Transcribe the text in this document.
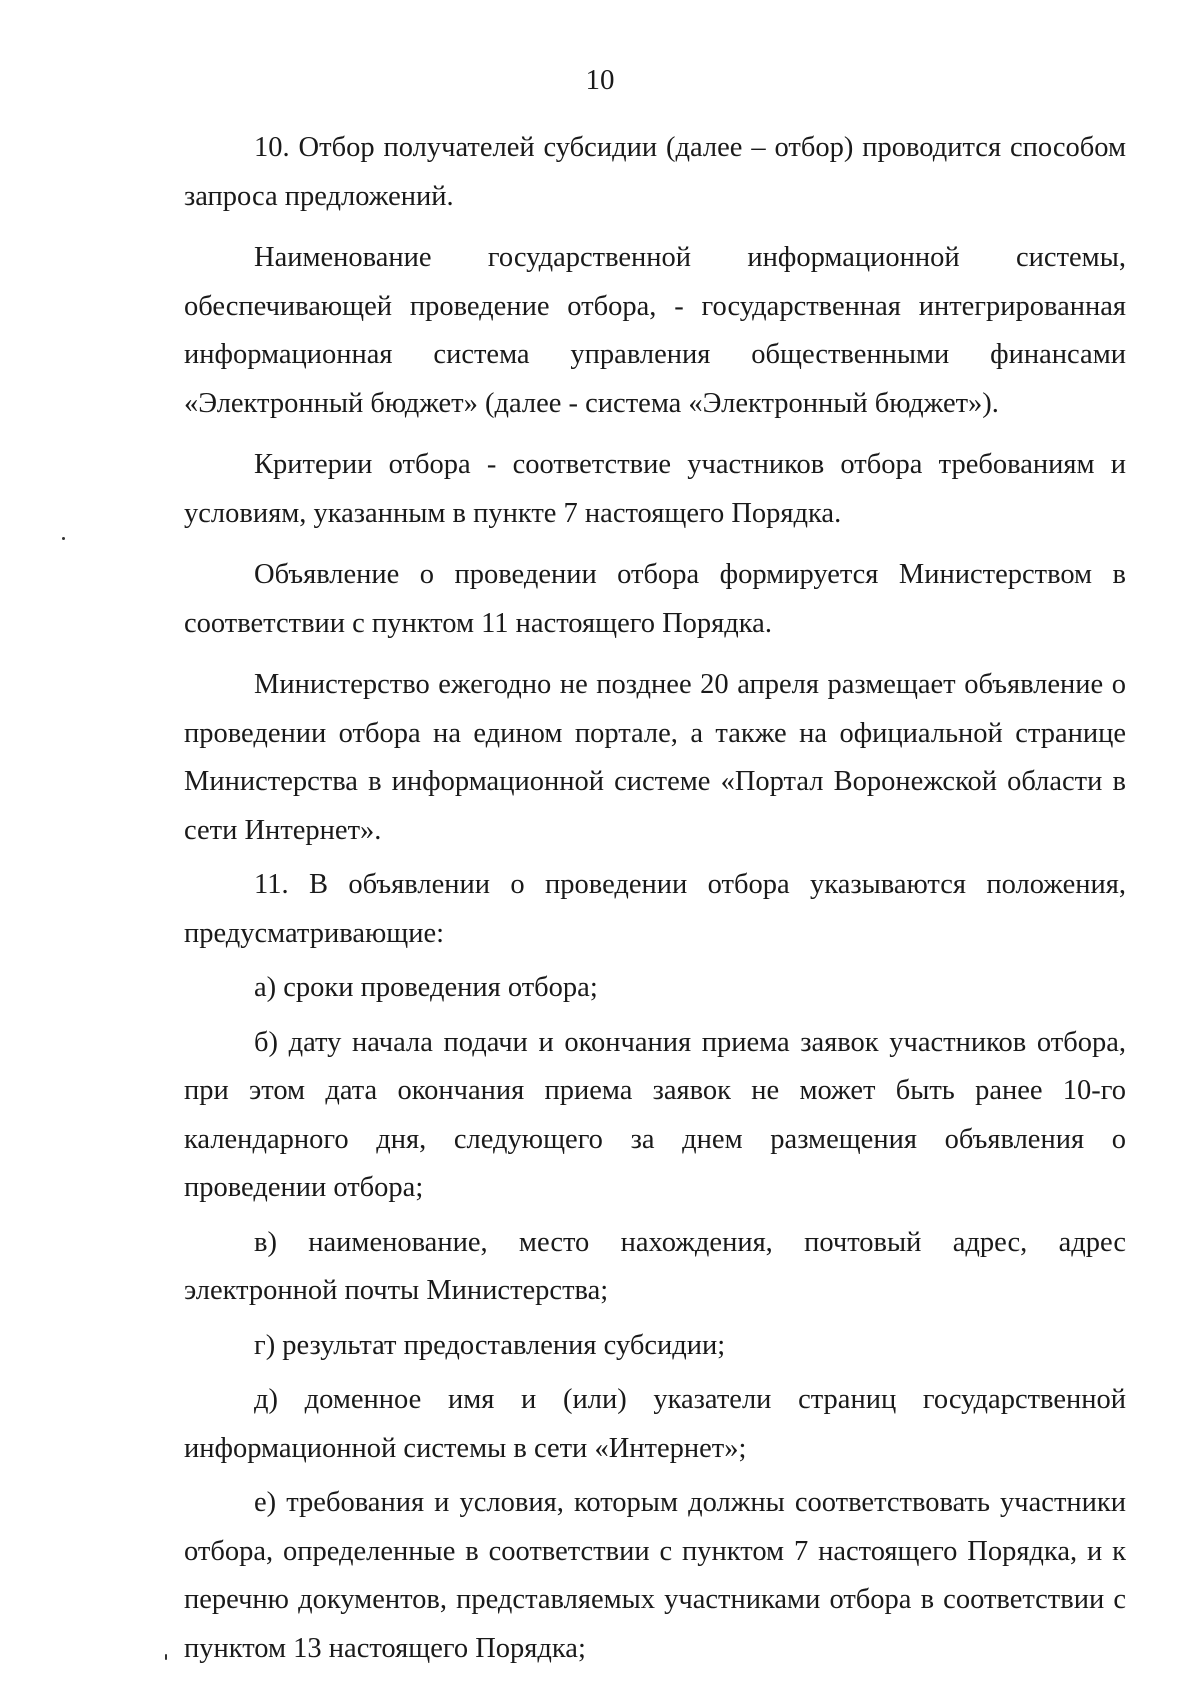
10

10. Отбор получателей субсидии (далее – отбор) проводится способом запроса предложений.

Наименование государственной информационной системы, обеспечивающей проведение отбора, - государственная интегрированная информационная система управления общественными финансами «Электронный бюджет» (далее - система «Электронный бюджет»).

Критерии отбора - соответствие участников отбора требованиям и условиям, указанным в пункте 7 настоящего Порядка.

Объявление о проведении отбора формируется Министерством в соответствии с пунктом 11 настоящего Порядка.

Министерство ежегодно не позднее 20 апреля размещает объявление о проведении отбора на едином портале, а также на официальной странице Министерства в информационной системе «Портал Воронежской области в сети Интернет».

11. В объявлении о проведении отбора указываются положения, предусматривающие:

а) сроки проведения отбора;

б) дату начала подачи и окончания приема заявок участников отбора, при этом дата окончания приема заявок не может быть ранее 10-го календарного дня, следующего за днем размещения объявления о проведении отбора;

в) наименование, место нахождения, почтовый адрес, адрес электронной почты Министерства;

г) результат предоставления субсидии;

д) доменное имя и (или) указатели страниц государственной информационной системы в сети «Интернет»;

е) требования и условия, которым должны соответствовать участники отбора, определенные в соответствии с пунктом 7 настоящего Порядка, и к перечню документов, представляемых участниками отбора в соответствии с пунктом 13 настоящего Порядка;
